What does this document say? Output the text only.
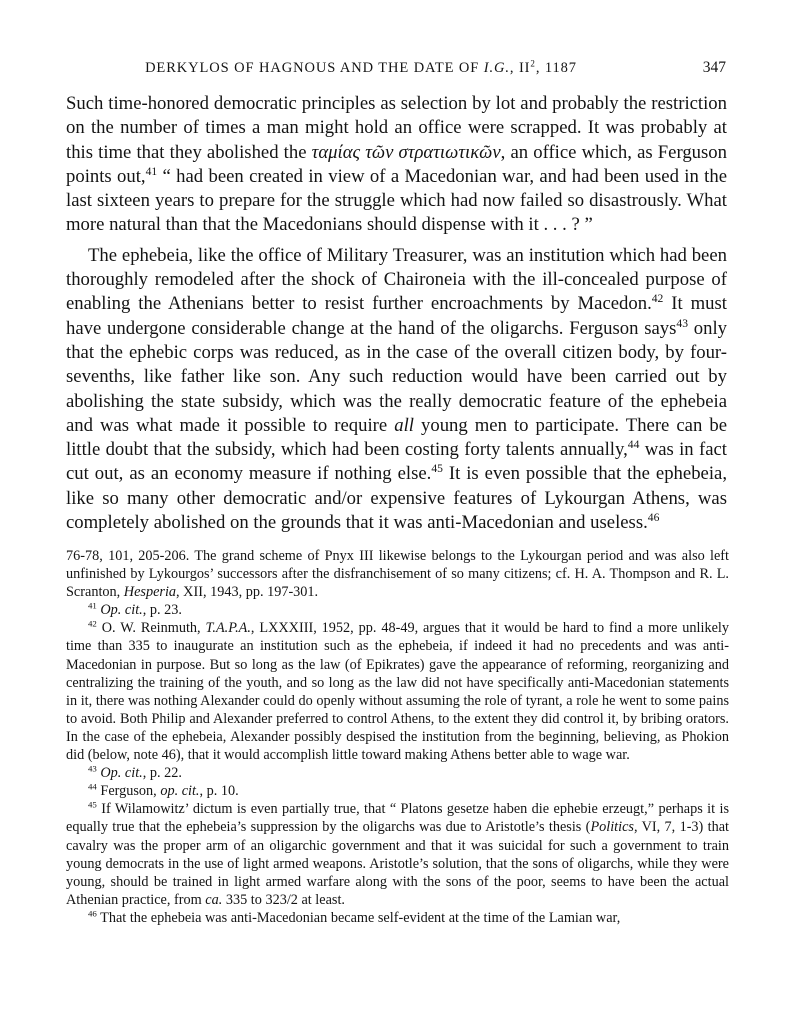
DERKYLOS OF HAGNOUS AND THE DATE OF I.G., $II^2$, 1187	347

Such time-honored democratic principles as selection by lot and probably the restriction on the number of times a man might hold an office were scrapped. It was probably at this time that they abolished the ταμίας τῶν στρατιωτικῶν, an office which, as Ferguson points out,$^{41}$ “ had been created in view of a Macedonian war, and had been used in the last sixteen years to prepare for the struggle which had now failed so disastrously. What more natural than that the Macedonians should dispense with it . . . ? ”

The ephebeia, like the office of Military Treasurer, was an institution which had been thoroughly remodeled after the shock of Chaironeia with the ill-concealed purpose of enabling the Athenians better to resist further encroachments by Macedon.$^{42}$ It must have undergone considerable change at the hand of the oligarchs. Ferguson says$^{43}$ only that the ephebic corps was reduced, as in the case of the overall citizen body, by four-sevenths, like father like son. Any such reduction would have been carried out by abolishing the state subsidy, which was the really democratic feature of the ephebeia and was what made it possible to require all young men to participate. There can be little doubt that the subsidy, which had been costing forty talents annually,$^{44}$ was in fact cut out, as an economy measure if nothing else.$^{45}$ It is even possible that the ephebeia, like so many other democratic and/or expensive features of Lykourgan Athens, was completely abolished on the grounds that it was anti-Macedonian and useless.$^{46}$

76-78, 101, 205-206. The grand scheme of Pnyx III likewise belongs to the Lykourgan period and was also left unfinished by Lykourgos’ successors after the disfranchisement of so many citizens; cf. H. A. Thompson and R. L. Scranton, Hesperia, XII, 1943, pp. 197-301.

$^{41}$ Op. cit., p. 23.

$^{42}$ O. W. Reinmuth, T.A.P.A., LXXXIII, 1952, pp. 48-49, argues that it would be hard to find a more unlikely time than 335 to inaugurate an institution such as the ephebeia, if indeed it had no precedents and was anti-Macedonian in purpose. But so long as the law (of Epikrates) gave the appearance of reforming, reorganizing and centralizing the training of the youth, and so long as the law did not have specifically anti-Macedonian statements in it, there was nothing Alexander could do openly without assuming the role of tyrant, a role he went to some pains to avoid. Both Philip and Alexander preferred to control Athens, to the extent they did control it, by bribing orators. In the case of the ephebeia, Alexander possibly despised the institution from the beginning, believing, as Phokion did (below, note 46), that it would accomplish little toward making Athens better able to wage war.

$^{43}$ Op. cit., p. 22.

$^{44}$ Ferguson, op. cit., p. 10.

$^{45}$ If Wilamowitz’ dictum is even partially true, that “ Platons gesetze haben die ephebie erzeugt,” perhaps it is equally true that the ephebeia’s suppression by the oligarchs was due to Aristotle’s thesis (Politics, VI, 7, 1-3) that cavalry was the proper arm of an oligarchic government and that it was suicidal for such a government to train young democrats in the use of light armed weapons. Aristotle’s solution, that the sons of oligarchs, while they were young, should be trained in light armed warfare along with the sons of the poor, seems to have been the actual Athenian practice, from ca. 335 to 323/2 at least.

$^{46}$ That the ephebeia was anti-Macedonian became self-evident at the time of the Lamian war,
